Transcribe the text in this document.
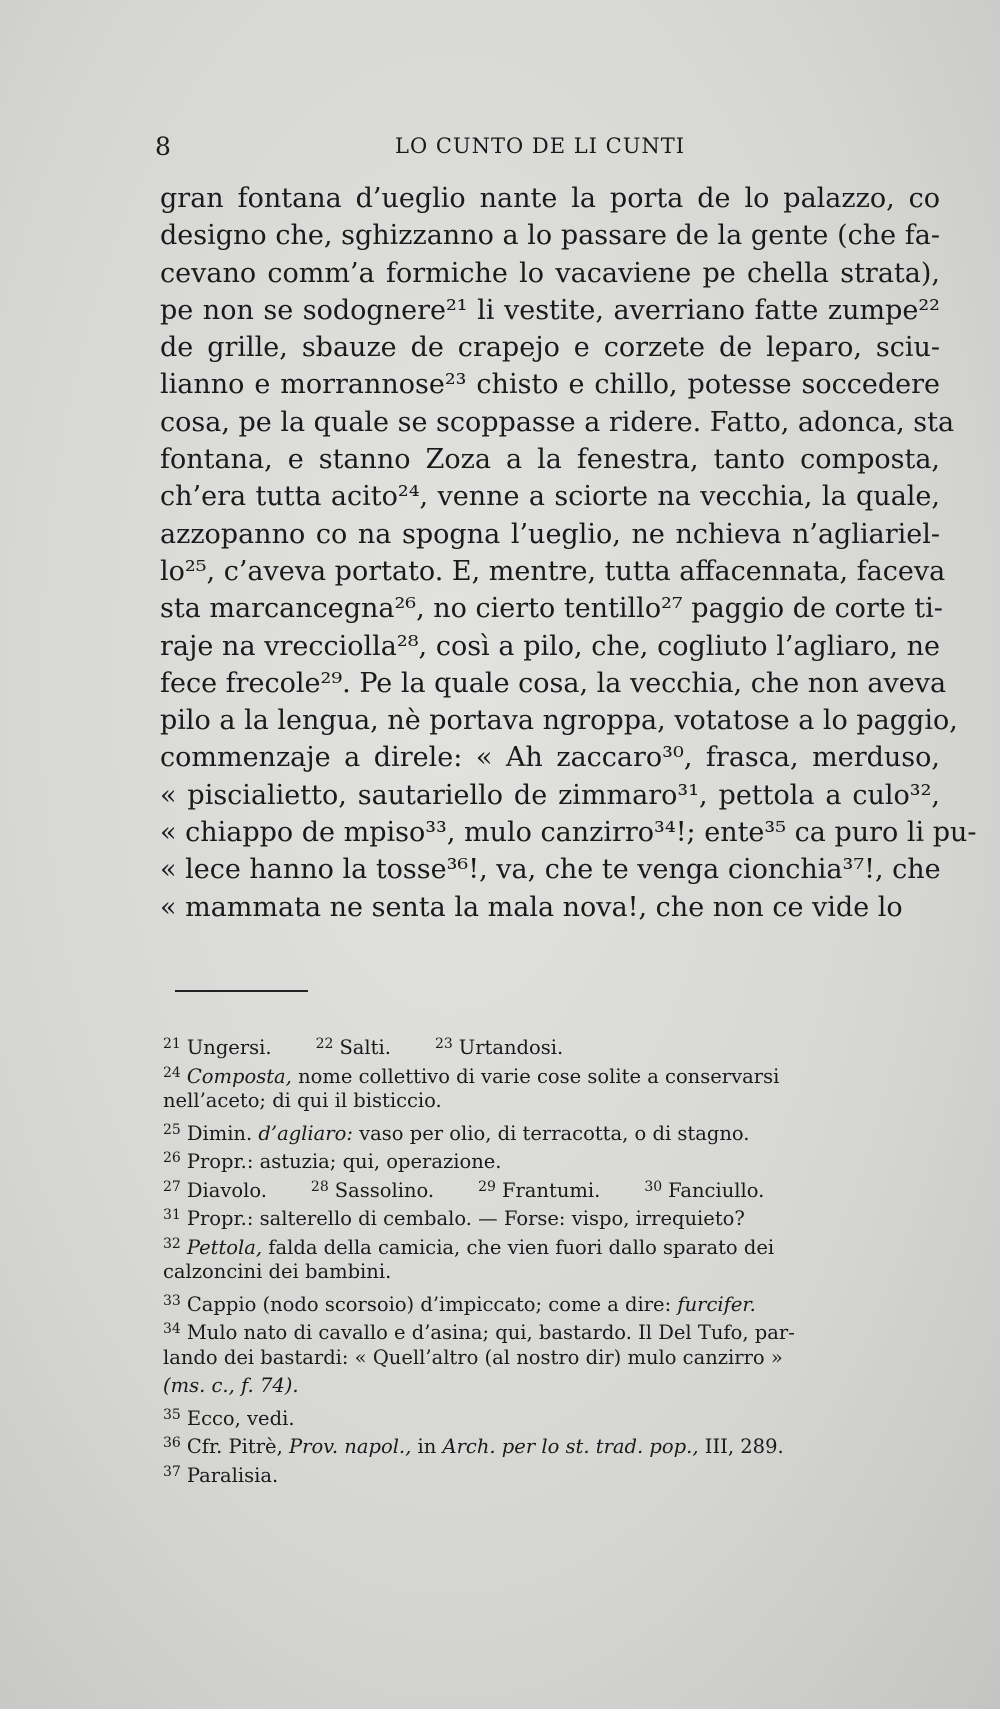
8	LO CUNTO DE LI CUNTI
gran fontana d’ueglio nante la porta de lo palazzo, co
designo che, sghizzanno a lo passare de la gente (che fa-
cevano comm’a formiche lo vacaviene pe chella strata),
pe non se sodognere²¹ li vestite, averriano fatte zumpe²²
de grille, sbauze de crapejo e corzete de leparo, sciu-
lianno e morrannose²³ chisto e chillo, potesse soccedere
cosa, pe la quale se scoppasse a ridere. Fatto, adonca, sta
fontana, e stanno Zoza a la fenestra, tanto composta,
ch’era tutta acito²⁴, venne a sciorte na vecchia, la quale,
azzopanno co na spogna l’ueglio, ne nchieva n’agliariel-
lo²⁵, c’aveva portato. E, mentre, tutta affacennata, faceva
sta marcancegna²⁶, no cierto tentillo²⁷ paggio de corte ti-
raje na vrecciolla²⁸, così a pilo, che, cogliuto l’agliaro, ne
fece frecole²⁹. Pe la quale cosa, la vecchia, che non aveva
pilo a la lengua, nè portava ngroppa, votatose a lo paggio,
commenzaje a direle: « Ah zaccaro³⁰, frasca, merduso,
« piscialietto, sautariello de zimmaro³¹, pettola a culo³²,
« chiappo de mpiso³³, mulo canzirro³⁴!; ente³⁵ ca puro li pu-
« lece hanno la tosse³⁶!, va, che te venga cionchia³⁷!, che
« mammata ne senta la mala nova!, che non ce vide lo
$^{21}$ Ungersi.	$^{22}$ Salti.	$^{23}$ Urtandosi.
$^{24}$ Composta, nome collettivo di varie cose solite a conservarsi
nell’aceto; di qui il bisticcio.
$^{25}$ Dimin. d’agliaro: vaso per olio, di terracotta, o di stagno.
$^{26}$ Propr.: astuzia; qui, operazione.
$^{27}$ Diavolo.	$^{28}$ Sassolino.	$^{29}$ Frantumi.	$^{30}$ Fanciullo.
$^{31}$ Propr.: salterello di cembalo. — Forse: vispo, irrequieto?
$^{32}$ Pettola, falda della camicia, che vien fuori dallo sparato dei
calzoncini dei bambini.
$^{33}$ Cappio (nodo scorsoio) d’impiccato; come a dire: furcifer.
$^{34}$ Mulo nato di cavallo e d’asina; qui, bastardo. Il Del Tufo, par-
lando dei bastardi: « Quell’altro (al nostro dir) mulo canzirro »
(ms. c., f. 74).
$^{35}$ Ecco, vedi.
$^{36}$ Cfr. Pitrè, Prov. napol., in Arch. per lo st. trad. pop., III, 289.
$^{37}$ Paralisia.
